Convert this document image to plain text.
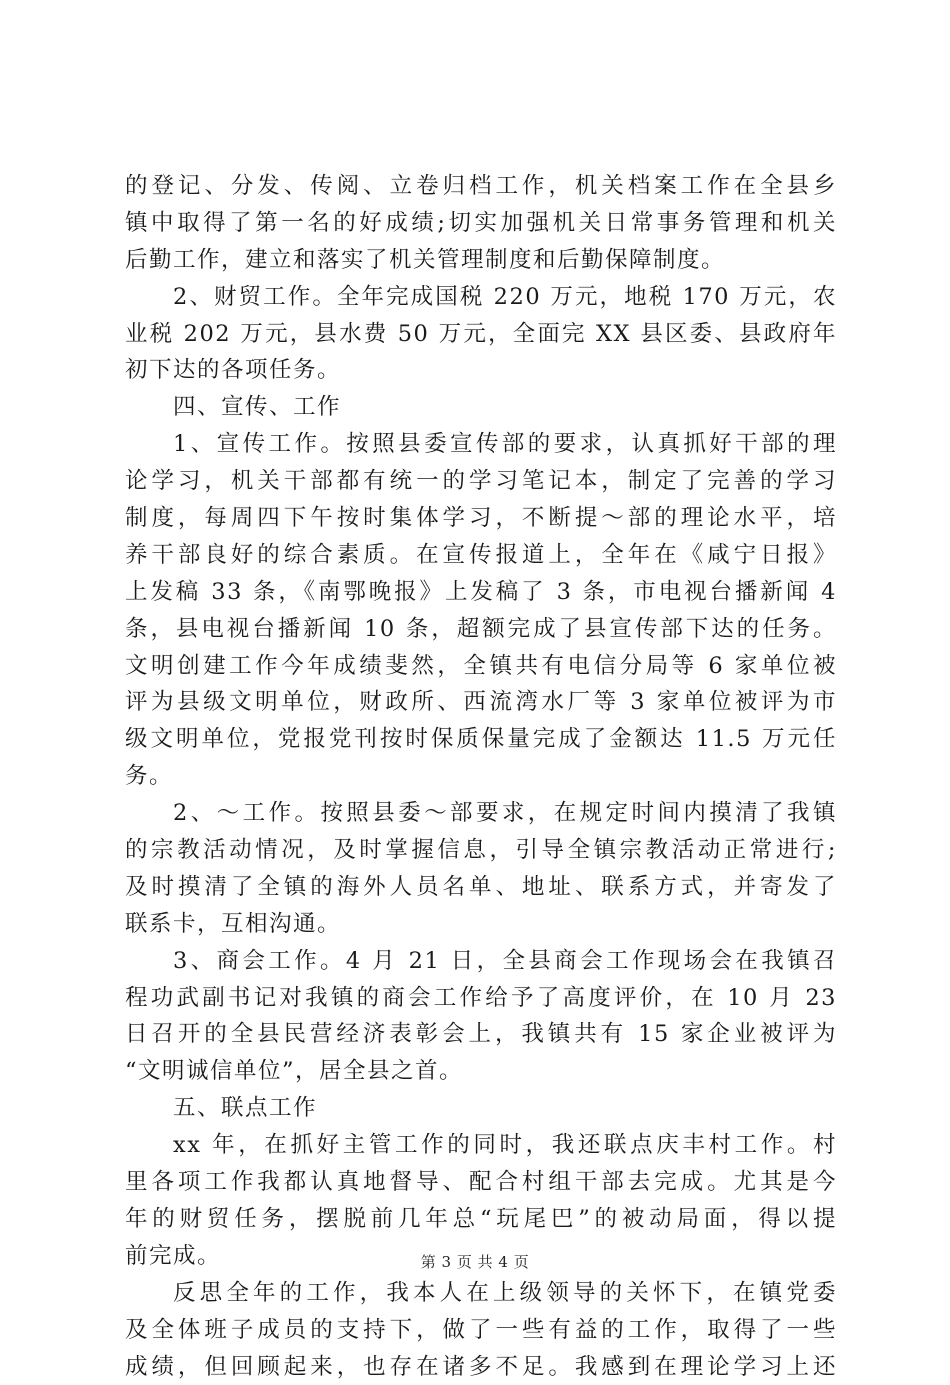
的登记、分发、传阅、立卷归档工作，机关档案工作在全县乡
镇中取得了第一名的好成绩;切实加强机关日常事务管理和机关
后勤工作，建立和落实了机关管理制度和后勤保障制度。
2、财贸工作。全年完成国税 220 万元，地税 170 万元，农
业税 202 万元，县水费 50 万元，全面完 XX 县区委、县政府年
初下达的各项任务。
四、宣传、工作
1、宣传工作。按照县委宣传部的要求，认真抓好干部的理
论学习，机关干部都有统一的学习笔记本，制定了完善的学习
制度，每周四下午按时集体学习，不断提～部的理论水平，培
养干部良好的综合素质。在宣传报道上，全年在《咸宁日报》
上发稿 33 条，《南鄂晚报》上发稿了 3 条，市电视台播新闻 4
条，县电视台播新闻 10 条，超额完成了县宣传部下达的任务。
文明创建工作今年成绩斐然，全镇共有电信分局等 6 家单位被
评为县级文明单位，财政所、西流湾水厂等 3 家单位被评为市
级文明单位，党报党刊按时保质保量完成了金额达 11.5 万元任
务。
2、～工作。按照县委～部要求，在规定时间内摸清了我镇
的宗教活动情况，及时掌握信息，引导全镇宗教活动正常进行;
及时摸清了全镇的海外人员名单、地址、联系方式，并寄发了
联系卡，互相沟通。
3、商会工作。4 月 21 日，全县商会工作现场会在我镇召
程功武副书记对我镇的商会工作给予了高度评价，在 10 月 23
日召开的全县民营经济表彰会上，我镇共有 15 家企业被评为
“文明诚信单位”，居全县之首。
五、联点工作
xx 年，在抓好主管工作的同时，我还联点庆丰村工作。村
里各项工作我都认真地督导、配合村组干部去完成。尤其是今
年的财贸任务，摆脱前几年总“玩尾巴”的被动局面，得以提
前完成。
反思全年的工作，我本人在上级领导的关怀下，在镇党委
及全体班子成员的支持下，做了一些有益的工作，取得了一些
成绩，但回顾起来，也存在诸多不足。我感到在理论学习上还
第 3 页 共 4 页
